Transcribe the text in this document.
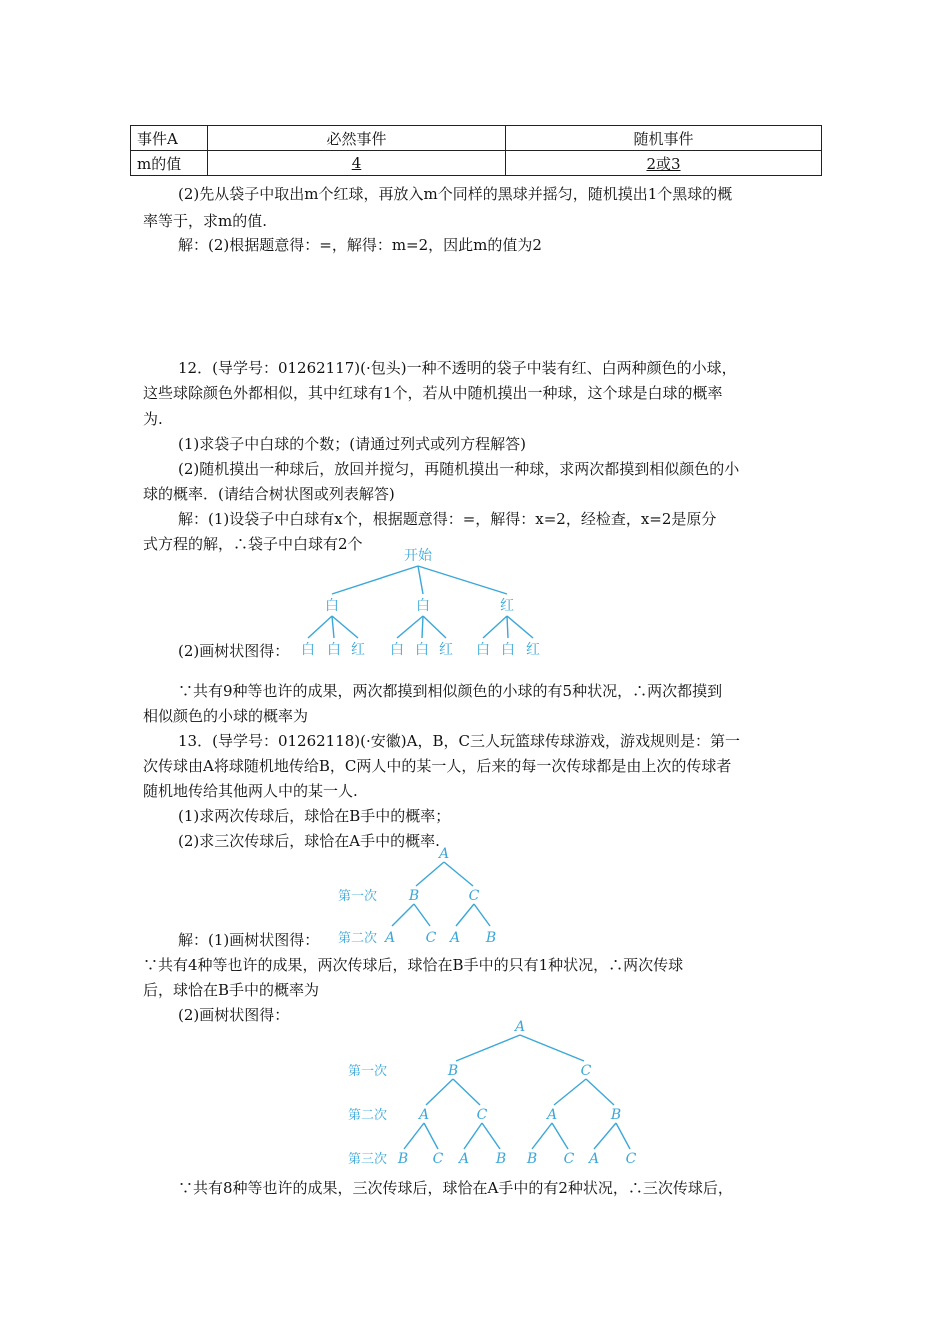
事件A	必然事件	随机事件
m的值	4	2或3
(2)先从袋子中取出m个红球，再放入m个同样的黑球并摇匀，随机摸出1个黑球的概
率等于，求m的值.
解：(2)根据题意得：=，解得：m=2，因此m的值为2
12．(导学号：01262117)(·包头)一种不透明的袋子中装有红、白两种颜色的小球，
这些球除颜色外都相似，其中红球有1个，若从中随机摸出一种球，这个球是白球的概率
为.
(1)求袋子中白球的个数；(请通过列式或列方程解答)
(2)随机摸出一种球后，放回并搅匀，再随机摸出一种球，求两次都摸到相似颜色的小
球的概率．(请结合树状图或列表解答)
解：(1)设袋子中白球有x个，根据题意得：=，解得：x=2，经检查，x=2是原分
式方程的解，∴袋子中白球有2个
开始
白	白	红
白 白 红 白 白 红 白 白 红
(2)画树状图得：
∵共有9种等也许的成果，两次都摸到相似颜色的小球的有5种状况，∴两次都摸到
相似颜色的小球的概率为
13．(导学号：01262118)(·安徽)A，B，C三人玩篮球传球游戏，游戏规则是：第一
次传球由A将球随机地传给B，C两人中的某一人，后来的每一次传球都是由上次的传球者
随机地传给其他两人中的某一人.
(1)求两次传球后，球恰在B手中的概率；
(2)求三次传球后，球恰在A手中的概率.
第一次
第二次
A
B	C
A C A B
解：(1)画树状图得：
∵共有4种等也许的成果，两次传球后，球恰在B手中的只有1种状况，∴两次传球
后，球恰在B手中的概率为
(2)画树状图得：
第一次
第二次
第三次
A
B	C
A	C	A	B
B C A B B C A C
∵共有8种等也许的成果，三次传球后，球恰在A手中的有2种状况，∴三次传球后，
